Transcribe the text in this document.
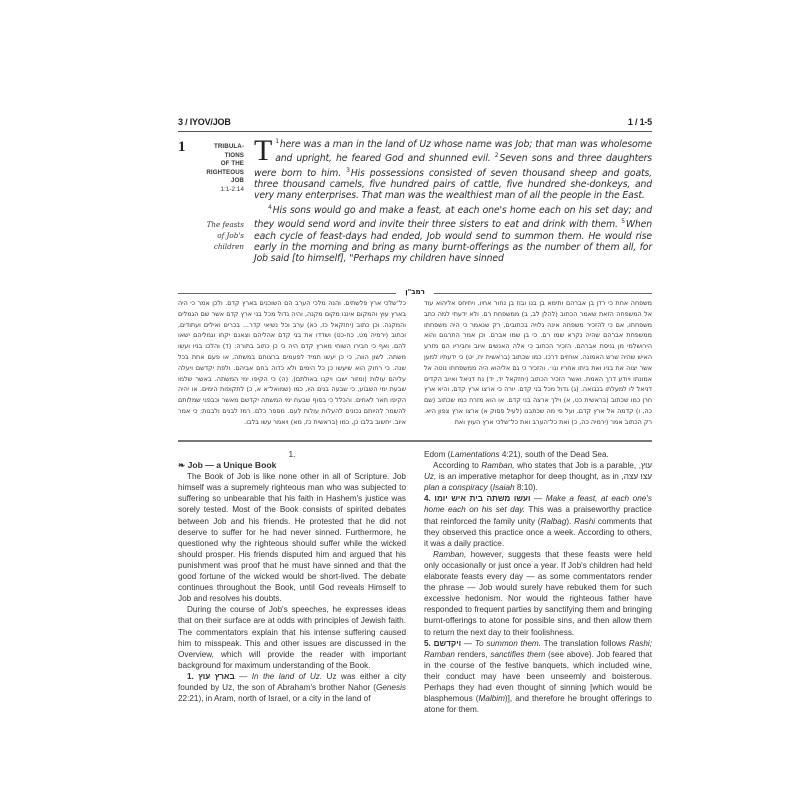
3 / IYOV/JOB	1 / 1-5
1	TRIBULA-
TIONS
OF THE
RIGHTEOUS
JOB
1:1-2:14
The feasts
of Job's
children

$^1$
T here was a man in the land of Uz whose name was Job; that man was wholesome and upright, he feared God and shunned evil. $^2$Seven sons and three daughters were born to him. $^3$His possessions consisted of seven thousand sheep and goats, three thousand camels, five hundred pairs of cattle, five hundred she-donkeys, and very many enterprises. That man was the wealthiest man of all the people in the East.

$^4$His sons would go and make a feast, at each one's home each on his set day; and they would send word and invite their three sisters to eat and drink with them. $^5$When each cycle of feast-days had ended, Job would send to summon them. He would rise early in the morning and bring as many burnt-offerings as the number of them all, for Job said [to himself], "Perhaps my children have sinned

רמב"ן
משפחה אחת כי רדן בן אברהם ותימא בן בנו ובוז בן נחור אחיו, ויתיחס אליהוא עוד אל המשפחה הזאת שאמר הכתוב (להלן לב, ב) ממשפחת רם. ולא ידעתי למה כתב משפחתו, אם כי להזכיר משפחה אינה גלויה בכתובים, רק שנאמר כי היה משפחתו ממשפחת אברהם שהיה נקרא שמו רם. כי בן שמו אברם. וכן אמר התרגום והוא הירושלמי מן גניסת אברהם. הזכיר הכתוב כי אלה האנשים איוב וחביריו הם מזרע האיש שהיה שרש האמונה. אוחזים דרכו. כמו שכתוב (בראשית יח, יט) כי ידעתיו למען אשר יצוה את בניו ואת ביתו אחריו וגו׳. והזכיר כי גם אליהוא היה ממשפחתו נוטה אל אמונתו ויודע דרך האמת. ואשר הזכיר הכתוב (יחזקאל יד, יד) נח דניאל ואיוב הקדים דניאל לו למעלתו בנבואה. (ג) גדול מכל בני קדם. יורה כי ארצו ארץ קדם, והיא ארץ חרן כמו שכתוב (בראשית כט, א) וילך ארצה בני קדם. או הוא מזרח כמו שכתוב (שם כה, ו) קדמה אל ארץ קדם. ועל פי מה שכתבנו (לעיל פסוק א) ארצו ארץ צפון היא. רק הכתוב אמר (ירמיה כה, כ) ואת כל־הערב ואת כל־שלכי ארץ העוץ ואת
כל־שלכי ארץ פלשתים. והנה מלכי הערב הם השוכנים בארץ קדם. ולכן אמר כי היה בארץ עוץ והמקום איננו מקום מקנה, והיה גדול מכל בני ארץ קדם אשר שם הגמלים והמקנה. וכן כתוב (יחזקאל כז, כא) ערב וכל נשיאי קדר... בכרים ואילים ועתודים, וכתוב (ירמיה מט, כח-כט) ושדדו את בני קדם אהליהם וצאנם יקחו וגמליהם ישאו להם. ואף כי חבירו השוחי מארץ קדם היה כי כן כתוב בתורה: (ד) והלכו בניו ועשו משתה. לשון הווה, כי כן יעשו תמיד לפעמים ברצותם במשתה, או פעם אחת בכל שנה. כי רחוק הוא שיעשו כן כל הימים ולא כדוה בחם אביהם. ולפת יקדשם ויעלה עליהם עולות (ומזור ישבו ויקנו באולתם). (ה) כי הקיפו ימי המשתה. באשר שלמו שבעת ימי השבוע, כי שבעה בנים היו, כמו (שמואל־א א, כ) לתקופות הימים. או יהיה הקיפו תאר לאחים. והכלל כי בסוף שבעת ימי המשתה יקדשם מאשר וכבפני שמלותם להשמר להיותם נכונים להעלות עולות לעם. מספר כלם. רמז לבנים ולבנות: כי אמר איוב. יחשוב בלבו כן, כמו (בראשית כז, מא) ויאמר עשו בלבו.

1.

❧ Job — a Unique Book

The Book of Job is like none other in all of Scripture. Job himself was a supremely righteous man who was subjected to suffering so unbearable that his faith in Hashem's justice was sorely tested. Most of the Book consists of spirited debates between Job and his friends. He protested that he did not deserve to suffer for he had never sinned. Furthermore, he questioned why the righteous should suffer while the wicked should prosper. His friends disputed him and argued that his punishment was proof that he must have sinned and that the good fortune of the wicked would be short-lived. The debate continues throughout the Book, until God reveals Himself to Job and resolves his doubts.

During the course of Job's speeches, he expresses ideas that on their surface are at odds with principles of Jewish faith. The commentators explain that his intense suffering caused him to misspeak. This and other issues are discussed in the Overview, which will provide the reader with important background for maximum understanding of the Book.

1. בארץ עוץ — In the land of Uz. Uz was either a city founded by Uz, the son of Abraham's brother Nahor (Genesis 22:21), in Aram, north of Israel, or a city in the land of

Edom (Lamentations 4:21), south of the Dead Sea.

According to Ramban, who states that Job is a parable, עוץ, Uz, is an imperative metaphor for deep thought, as in עצו עצה, plan a conspiracy (Isaiah 8:10).

4. ועשו משתה בית איש יומו — Make a feast, at each one's home each on his set day. This was a praiseworthy practice that reinforced the family unity (Ralbag). Rashi comments that they observed this practice once a week. According to others, it was a daily practice.

Ramban, however, suggests that these feasts were held only occasionally or just once a year. If Job's children had held elaborate feasts every day — as some commentators render the phrase — Job would surely have rebuked them for such excessive hedonism. Nor would the righteous father have responded to frequent parties by sanctifying them and bringing burnt-offerings to atone for possible sins, and then allow them to return the next day to their foolishness.

5. ויקדשם — To summon them. The translation follows Rashi; Ramban renders, sanctifies them (see above). Job feared that in the course of the festive banquets, which included wine, their conduct may have been unseemly and boisterous. Perhaps they had even thought of sinning [which would be blasphemous (Malbim)], and therefore he brought offerings to atone for them.
